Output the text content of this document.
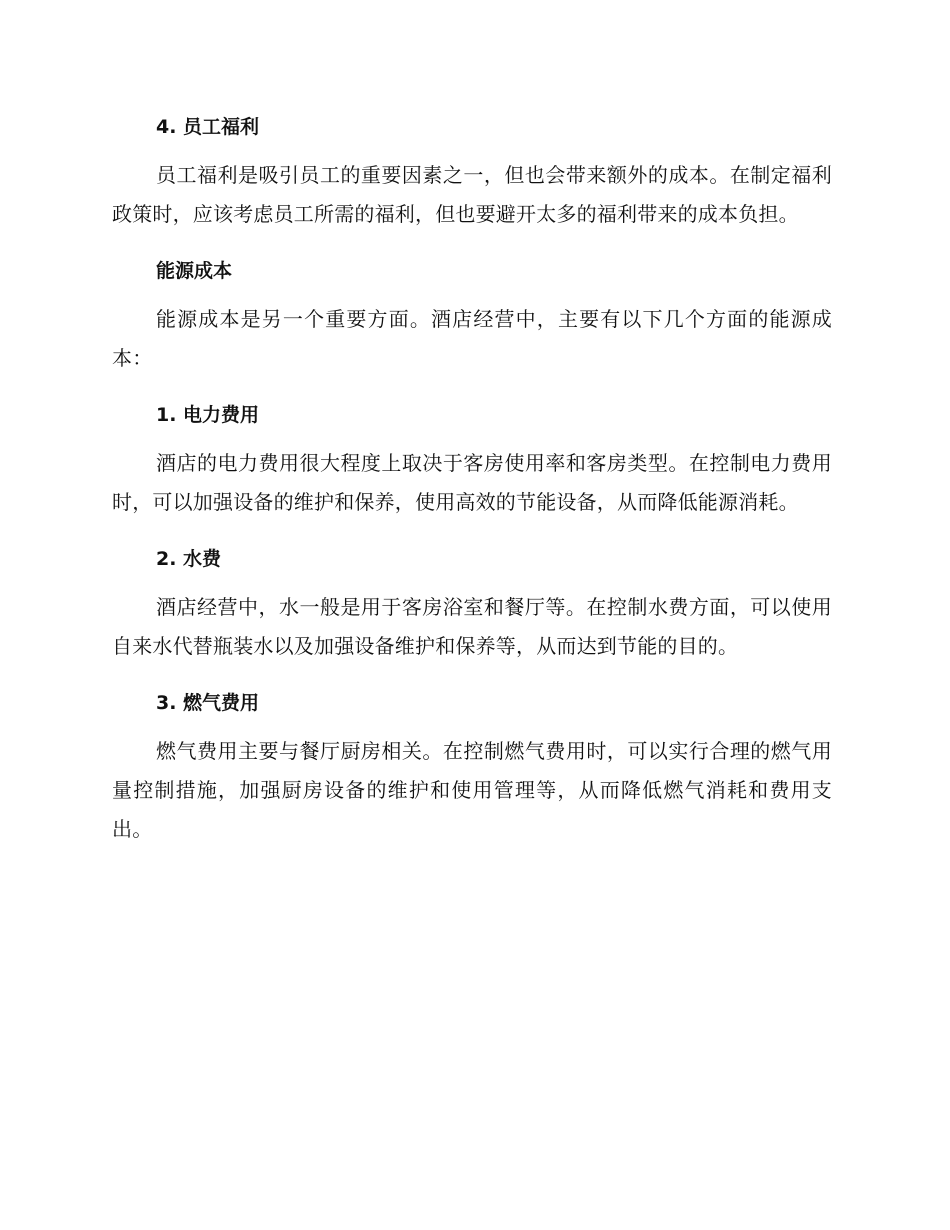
4. 员工福利

员工福利是吸引员工的重要因素之一，但也会带来额外的成本。在制定福利政策时，应该考虑员工所需的福利，但也要避开太多的福利带来的成本负担。

能源成本

能源成本是另一个重要方面。酒店经营中，主要有以下几个方面的能源成本：

1. 电力费用

酒店的电力费用很大程度上取决于客房使用率和客房类型。在控制电力费用时，可以加强设备的维护和保养，使用高效的节能设备，从而降低能源消耗。

2. 水费

酒店经营中，水一般是用于客房浴室和餐厅等。在控制水费方面，可以使用自来水代替瓶装水以及加强设备维护和保养等，从而达到节能的目的。

3. 燃气费用

燃气费用主要与餐厅厨房相关。在控制燃气费用时，可以实行合理的燃气用量控制措施，加强厨房设备的维护和使用管理等，从而降低燃气消耗和费用支出。
